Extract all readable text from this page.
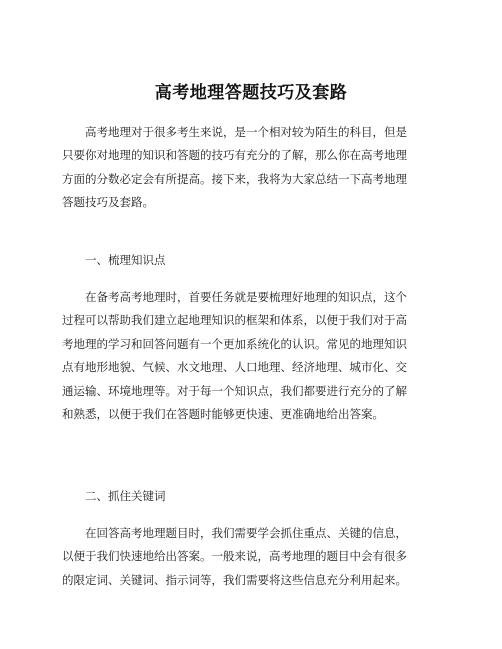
高考地理答题技巧及套路

高考地理对于很多考生来说，是一个相对较为陌生的科目，但是
只要你对地理的知识和答题的技巧有充分的了解，那么你在高考地理
方面的分数必定会有所提高。接下来，我将为大家总结一下高考地理
答题技巧及套路。

一、梳理知识点

在备考高考地理时，首要任务就是要梳理好地理的知识点，这个
过程可以帮助我们建立起地理知识的框架和体系，以便于我们对于高
考地理的学习和回答问题有一个更加系统化的认识。常见的地理知识
点有地形地貌、气候、水文地理、人口地理、经济地理、城市化、交
通运输、环境地理等。对于每一个知识点，我们都要进行充分的了解
和熟悉，以便于我们在答题时能够更快速、更准确地给出答案。

二、抓住关键词

在回答高考地理题目时，我们需要学会抓住重点、关键的信息，
以便于我们快速地给出答案。一般来说，高考地理的题目中会有很多
的限定词、关键词、指示词等，我们需要将这些信息充分利用起来。
